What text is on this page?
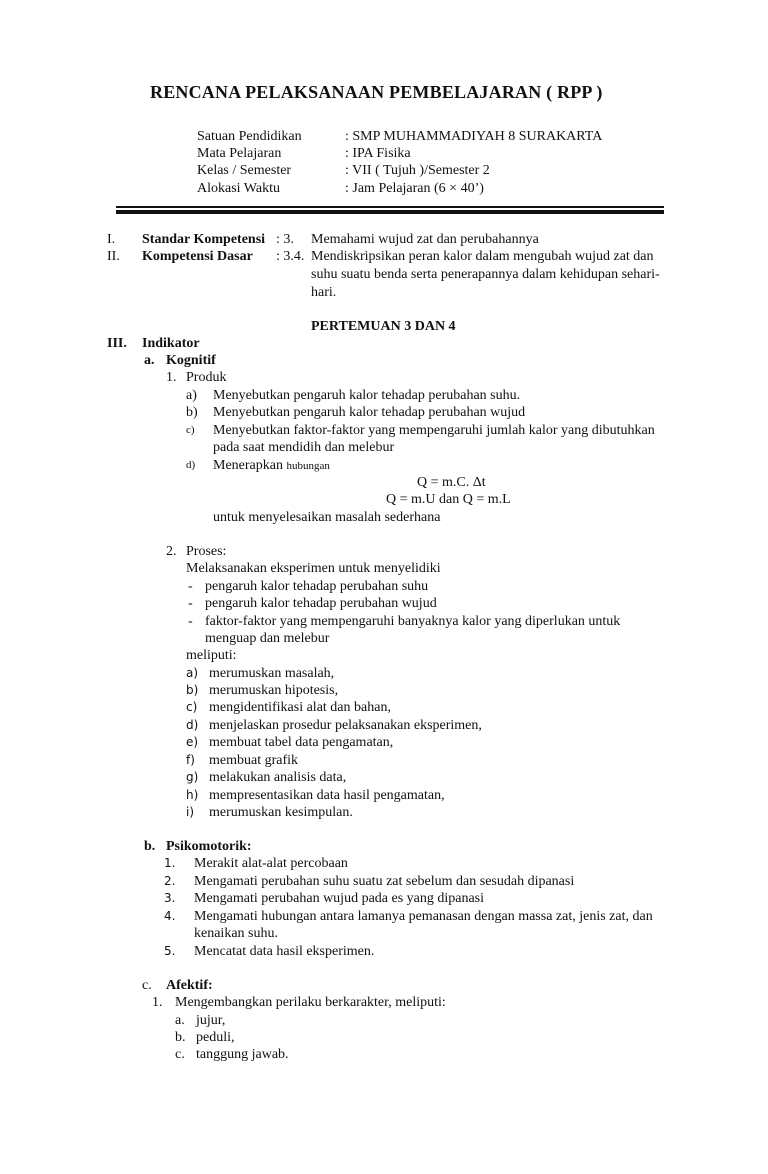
RENCANA PELAKSANAAN PEMBELAJARAN ( RPP )
Satuan Pendidikan	: SMP MUHAMMADIYAH 8 SURAKARTA
Mata Pelajaran	: IPA Fisika
Kelas / Semester	: VII ( Tujuh )/Semester 2
Alokasi Waktu	: Jam Pelajaran (6 × 40’)
I. Standar Kompetensi : 3. Memahami wujud zat dan perubahannya
II. Kompetensi Dasar : 3.4. Mendiskripsikan peran kalor dalam mengubah wujud zat dan
suhu suatu benda serta penerapannya dalam kehidupan sehari-
hari.
PERTEMUAN 3 DAN 4
III. Indikator
a. Kognitif
1. Produk
a) Menyebutkan pengaruh kalor tehadap perubahan suhu.
b) Menyebutkan pengaruh kalor tehadap perubahan wujud
c) Menyebutkan faktor-faktor yang mempengaruhi jumlah kalor yang dibutuhkan
pada saat mendidih dan melebur
d) Menerapkan hubungan
Q = m.C. Δt
Q = m.U dan Q = m.L
untuk menyelesaikan masalah sederhana
2. Proses:
Melaksanakan eksperimen untuk menyelidiki
- pengaruh kalor tehadap perubahan suhu
- pengaruh kalor tehadap perubahan wujud
- faktor-faktor yang mempengaruhi banyaknya kalor yang diperlukan untuk
menguap dan melebur
meliputi:
a) merumuskan masalah,
b) merumuskan hipotesis,
c) mengidentifikasi alat dan bahan,
d) menjelaskan prosedur pelaksanakan eksperimen,
e) membuat tabel data pengamatan,
f) membuat grafik
g) melakukan analisis data,
h) mempresentasikan data hasil pengamatan,
i) merumuskan kesimpulan.
b. Psikomotorik:
1. Merakit alat-alat percobaan
2. Mengamati perubahan suhu suatu zat sebelum dan sesudah dipanasi
3. Mengamati perubahan wujud pada es yang dipanasi
4. Mengamati hubungan antara lamanya pemanasan dengan massa zat, jenis zat, dan
kenaikan suhu.
5. Mencatat data hasil eksperimen.
c. Afektif:
1. Mengembangkan perilaku berkarakter, meliputi:
a. jujur,
b. peduli,
c. tanggung jawab.
